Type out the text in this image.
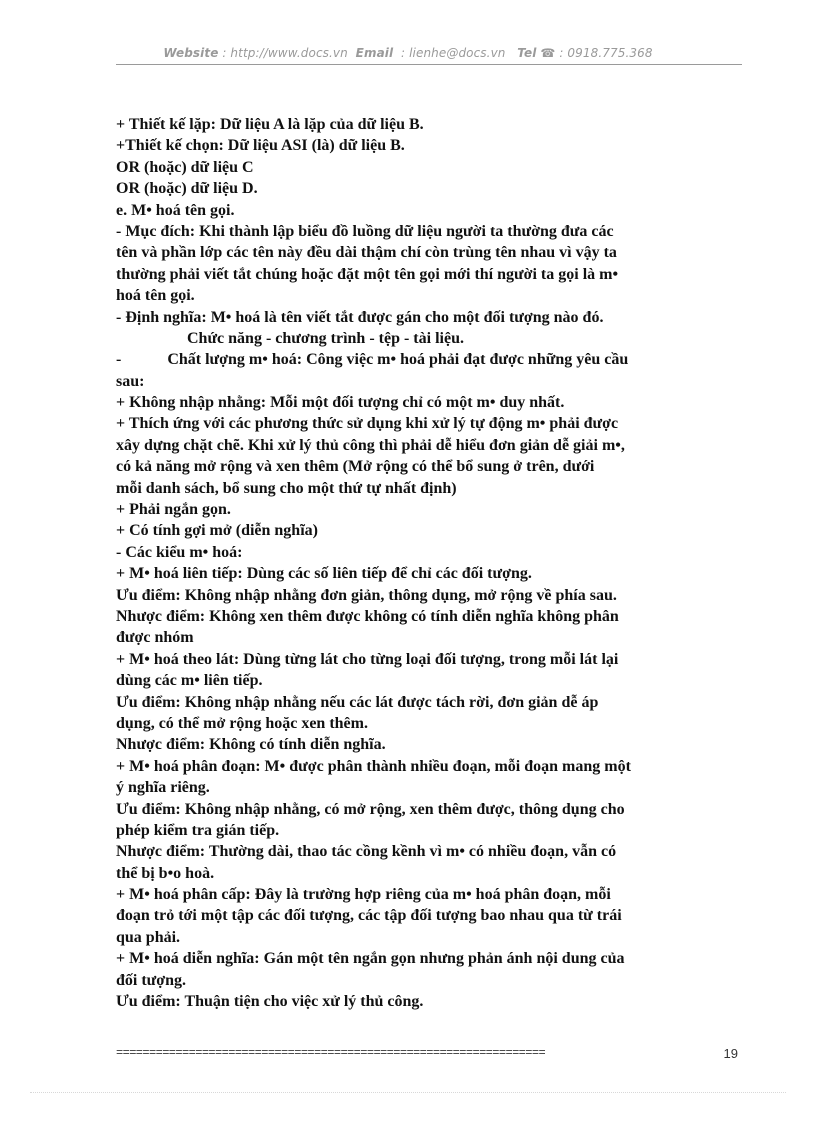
Website : http://www.docs.vn Email : lienhe@docs.vn Tel ☎ : 0918.775.368
+ Thiết kế lặp: Dữ liệu A là lặp của dữ liệu B.
+Thiết kế chọn: Dữ liệu ASI (là) dữ liệu B.
OR (hoặc) dữ liệu C
OR (hoặc) dữ liệu D.
e. M• hoá tên gọi.
- Mục đích: Khi thành lập biểu đồ luồng dữ liệu người ta thường đưa các
tên và phần lớp các tên này đều dài thậm chí còn trùng tên nhau vì vậy ta
thường phải viết tắt chúng hoặc đặt một tên gọi mới thí người ta gọi là m•
hoá tên gọi.
- Định nghĩa: M• hoá là tên viết tắt được gán cho một đối tượng nào đó.
Chức năng - chương trình - tệp - tài liệu.
-	Chất lượng m• hoá: Công việc m• hoá phải đạt được những yêu cầu
sau:
+ Không nhập nhằng: Mỗi một đối tượng chỉ có một m• duy nhất.
+ Thích ứng với các phương thức sử dụng khi xử lý tự động m• phải được
xây dựng chặt chẽ. Khi xử lý thủ công thì phải dễ hiểu đơn giản dễ giải m•,
có kả năng mở rộng và xen thêm (Mở rộng có thể bổ sung ở trên, dưới
mỗi danh sách, bổ sung cho một thứ tự nhất định)
+ Phải ngắn gọn.
+ Có tính gợi mở (diễn nghĩa)
- Các kiểu m• hoá:
+ M• hoá liên tiếp: Dùng các số liên tiếp để chỉ các đối tượng.
Ưu điểm: Không nhập nhằng đơn giản, thông dụng, mở rộng về phía sau.
Nhược điểm: Không xen thêm được không có tính diễn nghĩa không phân
được nhóm
+ M• hoá theo lát: Dùng từng lát cho từng loại đối tượng, trong mỗi lát lại
dùng các m• liên tiếp.
Ưu điểm: Không nhập nhằng nếu các lát được tách rời, đơn giản dễ áp
dụng, có thể mở rộng hoặc xen thêm.
Nhược điểm: Không có tính diễn nghĩa.
+ M• hoá phân đoạn: M• được phân thành nhiều đoạn, mỗi đoạn mang một
ý nghĩa riêng.
Ưu điểm: Không nhập nhằng, có mở rộng, xen thêm được, thông dụng cho
phép kiểm tra gián tiếp.
Nhược điểm: Thường dài, thao tác cồng kềnh vì m• có nhiều đoạn, vẫn có
thể bị b•o hoà.
+ M• hoá phân cấp: Đây là trường hợp riêng của m• hoá phân đoạn, mỗi
đoạn trỏ tới một tập các đối tượng, các tập đối tượng bao nhau qua từ trái
qua phải.
+ M• hoá diễn nghĩa: Gán một tên ngắn gọn nhưng phản ánh nội dung của
đối tượng.
Ưu điểm: Thuận tiện cho việc xử lý thủ công.
=================================================================	19
